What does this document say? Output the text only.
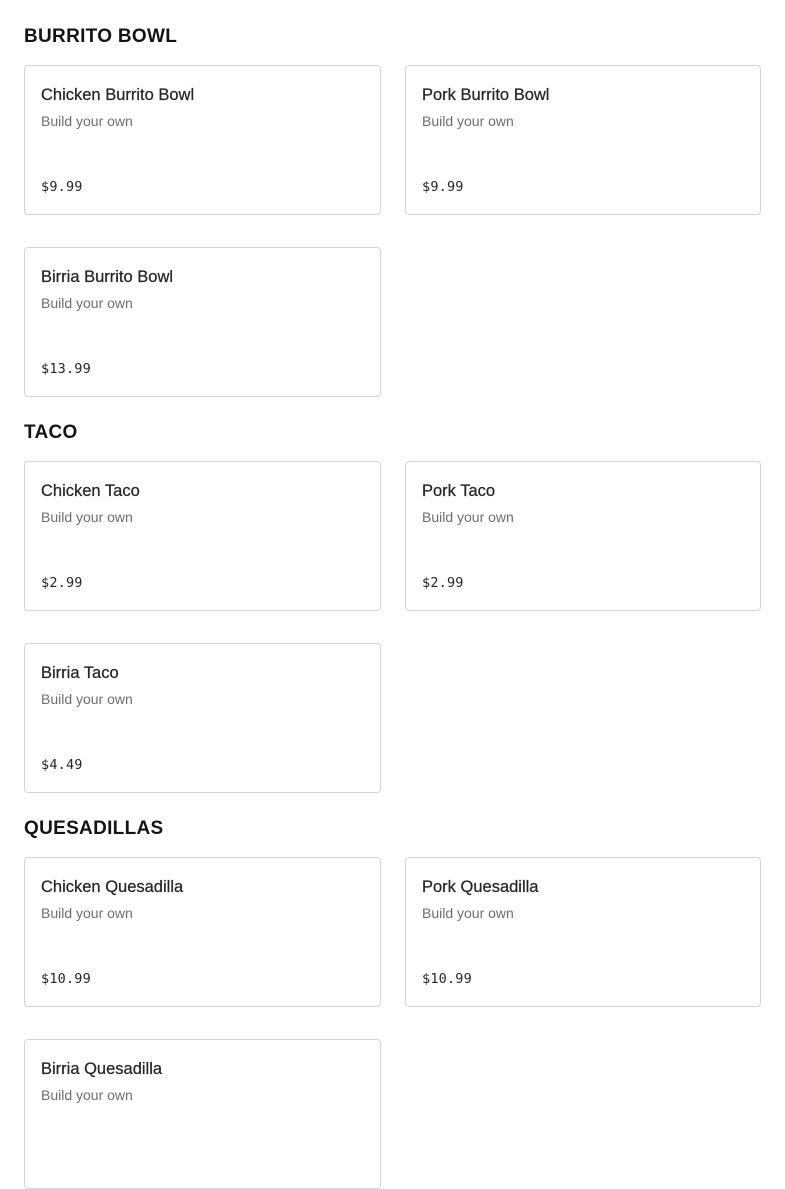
BURRITO BOWL
Chicken Burrito Bowl
Build your own
$9.99
Pork Burrito Bowl
Build your own
$9.99
Birria Burrito Bowl
Build your own
$13.99
TACO
Chicken Taco
Build your own
$2.99
Pork Taco
Build your own
$2.99
Birria Taco
Build your own
$4.49
QUESADILLAS
Chicken Quesadilla
Build your own
$10.99
Pork Quesadilla
Build your own
$10.99
Birria Quesadilla
Build your own
